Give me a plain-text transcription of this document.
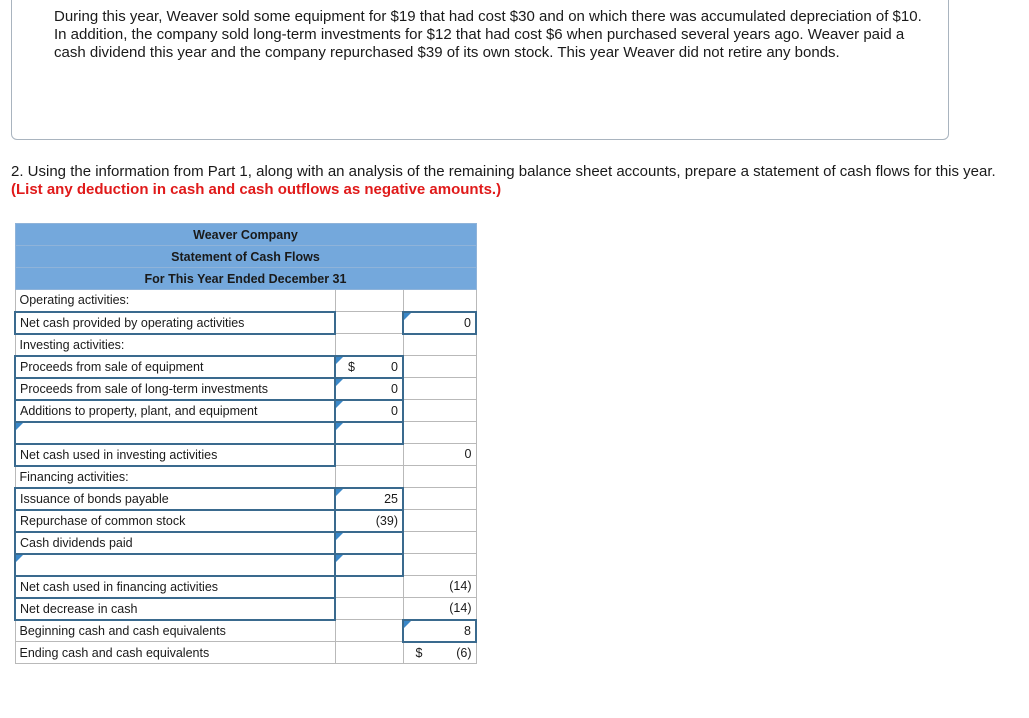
During this year, Weaver sold some equipment for $19 that had cost $30 and on which there was accumulated depreciation of $10. In addition, the company sold long-term investments for $12 that had cost $6 when purchased several years ago. Weaver paid a cash dividend this year and the company repurchased $39 of its own stock. This year Weaver did not retire any bonds.

2. Using the information from Part 1, along with an analysis of the remaining balance sheet accounts, prepare a statement of cash flows for this year. (List any deduction in cash and cash outflows as negative amounts.)

Weaver Company		
Statement of Cash Flows		
For This Year Ended December 31		
Operating activities:		
Net cash provided by operating activities		0

Investing activities:		
Proceeds from sale of equipment	$ 0	

Proceeds from sale of long-term investments	0	

Additions to property, plant, and equipment	0	

Net cash used in investing activities		0

Financing activities:		
Issuance of bonds payable	25	

Repurchase of common stock	(39)	

Cash dividends paid		

Net cash used in financing activities		(14)

Net decrease in cash		(14)

Beginning cash and cash equivalents		8

Ending cash and cash equivalents		$ (6)
